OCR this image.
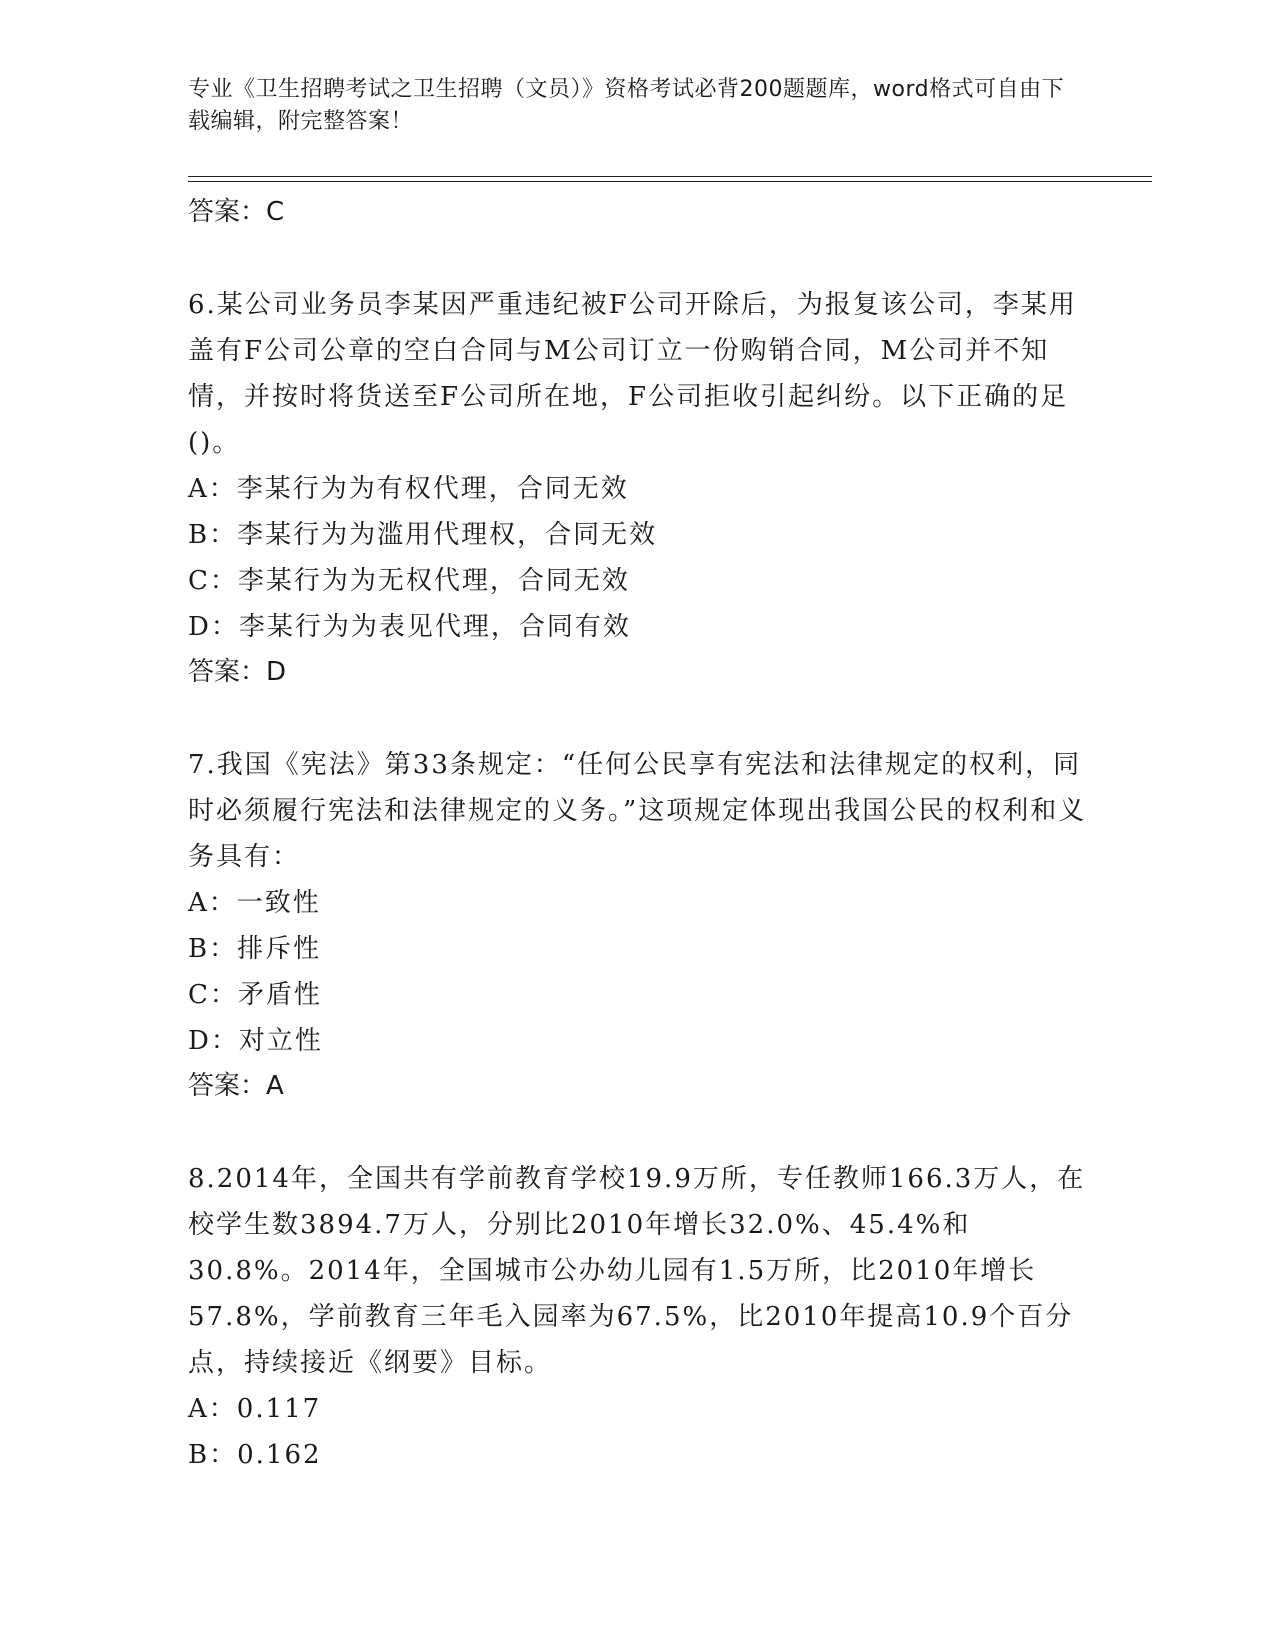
专业《卫生招聘考试之卫生招聘（文员）》资格考试必背200题题库，word格式可自由下载编辑，附完整答案！

答案：C

6.某公司业务员李某因严重违纪被F公司开除后，为报复该公司，李某用盖有F公司公章的空白合同与M公司订立一份购销合同，M公司并不知情，并按时将货送至F公司所在地，F公司拒收引起纠纷。以下正确的足()。

A：李某行为为有权代理，合同无效

B：李某行为为滥用代理权，合同无效

C：李某行为为无权代理，合同无效

D：李某行为为表见代理，合同有效

答案：D

7.我国《宪法》第33条规定：“任何公民享有宪法和法律规定的权利，同时必须履行宪法和法律规定的义务。”这项规定体现出我国公民的权利和义务具有：

A：一致性

B：排斥性

C：矛盾性

D：对立性

答案：A

8.2014年，全国共有学前教育学校19.9万所，专任教师166.3万人，在校学生数3894.7万人，分别比2010年增长32.0%、45.4%和30.8%。2014年，全国城市公办幼儿园有1.5万所，比2010年增长57.8%，学前教育三年毛入园率为67.5%，比2010年提高10.9个百分点，持续接近《纲要》目标。

A：0.117

B：0.162
